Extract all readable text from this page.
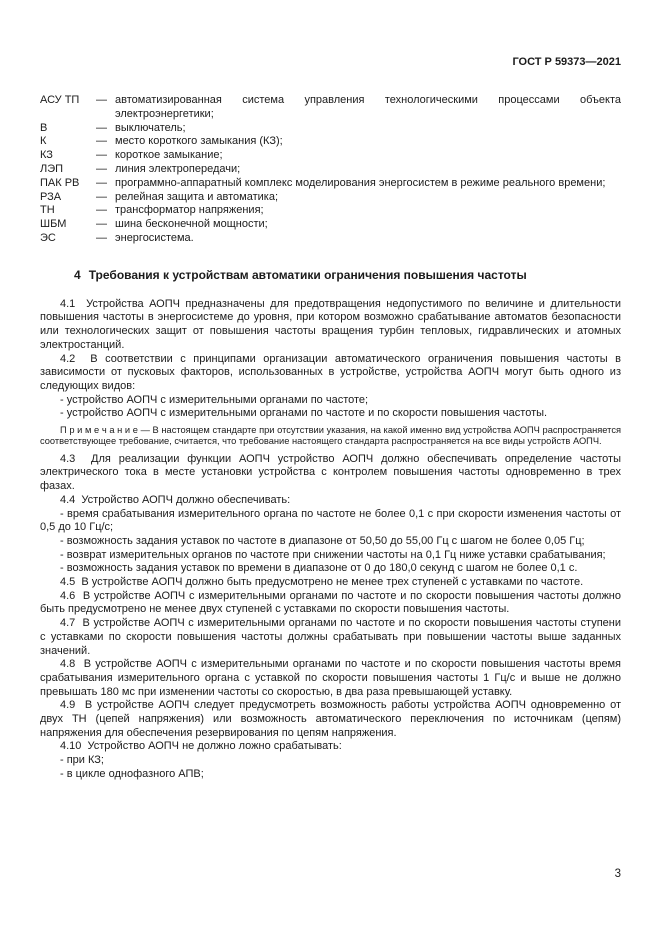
ГОСТ Р 59373—2021
АСУ ТП	— автоматизированная система управления технологическими процессами объекта электроэнергетики;
В	— выключатель;
К	— место короткого замыкания (КЗ);
КЗ	— короткое замыкание;
ЛЭП	— линия электропередачи;
ПАК РВ	— программно-аппаратный комплекс моделирования энергосистем в режиме реального времени;
РЗА	— релейная защита и автоматика;
ТН	— трансформатор напряжения;
ШБМ	— шина бесконечной мощности;
ЭС	— энергосистема.
4 Требования к устройствам автоматики ограничения повышения частоты

4.1  Устройства АОПЧ предназначены для предотвращения недопустимого по величине и длительности повышения частоты в энергосистеме до уровня, при котором возможно срабатывание автоматов безопасности или технологических защит от повышения частоты вращения турбин тепловых, гидравлических и атомных электростанций.

4.2  В соответствии с принципами организации автоматического ограничения повышения частоты в зависимости от пусковых факторов, использованных в устройстве, устройства АОПЧ могут быть одного из следующих видов:

- устройство АОПЧ с измерительными органами по частоте;

- устройство АОПЧ с измерительными органами по частоте и по скорости повышения частоты.

П р и м е ч а н и е — В настоящем стандарте при отсутствии указания, на какой именно вид устройства АОПЧ распространяется соответствующее требование, считается, что требование настоящего стандарта распространяется на все виды устройств АОПЧ.

4.3  Для реализации функции АОПЧ устройство АОПЧ должно обеспечивать определение частоты электрического тока в месте установки устройства с контролем повышения частоты одновременно в трех фазах.

4.4  Устройство АОПЧ должно обеспечивать:

- время срабатывания измерительного органа по частоте не более 0,1 с при скорости изменения частоты от 0,5 до 10 Гц/с;

- возможность задания уставок по частоте в диапазоне от 50,50 до 55,00 Гц с шагом не более 0,05 Гц;

- возврат измерительных органов по частоте при снижении частоты на 0,1 Гц ниже уставки срабатывания;

- возможность задания уставок по времени в диапазоне от 0 до 180,0 секунд с шагом не более 0,1 с.

4.5  В устройстве АОПЧ должно быть предусмотрено не менее трех ступеней с уставками по частоте.

4.6  В устройстве АОПЧ с измерительными органами по частоте и по скорости повышения частоты должно быть предусмотрено не менее двух ступеней с уставками по скорости повышения частоты.

4.7  В устройстве АОПЧ с измерительными органами по частоте и по скорости повышения частоты ступени с уставками по скорости повышения частоты должны срабатывать при повышении частоты выше заданных значений.

4.8  В устройстве АОПЧ с измерительными органами по частоте и по скорости повышения частоты время срабатывания измерительного органа с уставкой по скорости повышения частоты 1 Гц/с и выше не должно превышать 180 мс при изменении частоты со скоростью, в два раза превышающей уставку.

4.9  В устройстве АОПЧ следует предусмотреть возможность работы устройства АОПЧ одновременно от двух ТН (цепей напряжения) или возможность автоматического переключения по источникам (цепям) напряжения для обеспечения резервирования по цепям напряжения.

4.10  Устройство АОПЧ не должно ложно срабатывать:

- при КЗ;

- в цикле однофазного АПВ;

3
